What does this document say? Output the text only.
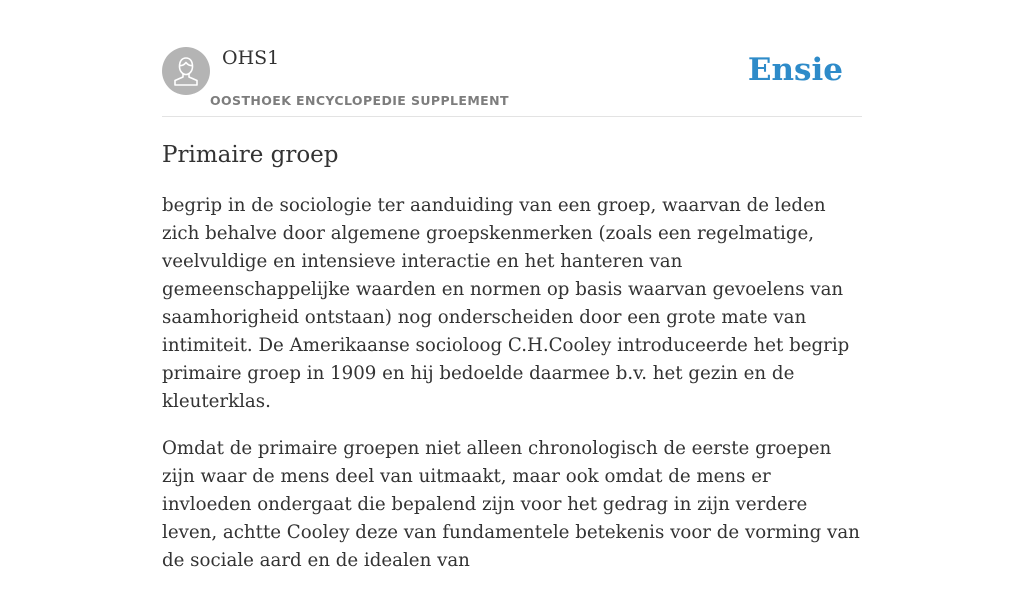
OHS1
OOSTHOEK ENCYCLOPEDIE SUPPLEMENT
Ensie
Primaire groep

begrip in de sociologie ter aanduiding van een groep, waarvan de leden zich behalve door algemene groepskenmerken (zoals een regelmatige, veelvuldige en intensieve interactie en het hanteren van gemeenschappelijke waarden en normen op basis waarvan gevoelens van saamhorigheid ontstaan) nog onderscheiden door een grote mate van intimiteit. De Amerikaanse socioloog C.H.Cooley introduceerde het begrip primaire groep in 1909 en hij bedoelde daarmee b.v. het gezin en de kleuterklas.

Omdat de primaire groepen niet alleen chronologisch de eerste groepen zijn waar de mens deel van uitmaakt, maar ook omdat de mens er invloeden ondergaat die bepalend zijn voor het gedrag in zijn verdere leven, achtte Cooley deze van fundamentele betekenis voor de vorming van de sociale aard en de idealen van
